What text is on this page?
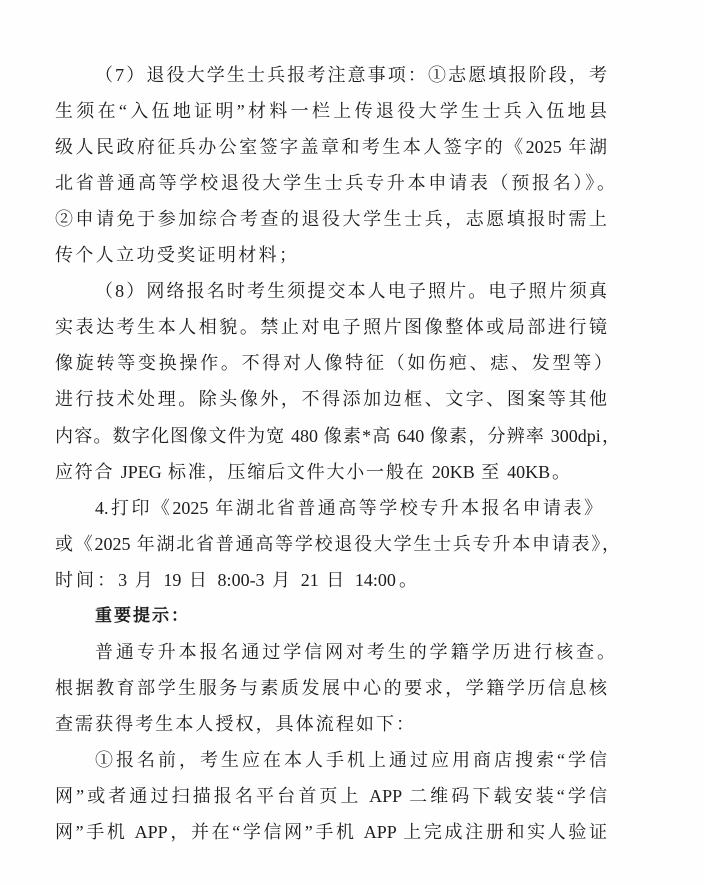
（7）退役大学生士兵报考注意事项：①志愿填报阶段，考
生须在“入伍地证明”材料一栏上传退役大学生士兵入伍地县
级人民政府征兵办公室签字盖章和考生本人签字的《2025 年湖
北省普通高等学校退役大学生士兵专升本申请表（预报名）》。
②申请免于参加综合考查的退役大学生士兵，志愿填报时需上
传个人立功受奖证明材料；
（8）网络报名时考生须提交本人电子照片。电子照片须真
实表达考生本人相貌。禁止对电子照片图像整体或局部进行镜
像旋转等变换操作。不得对人像特征（如伤疤、痣、发型等）
进行技术处理。除头像外，不得添加边框、文字、图案等其他
内容。数字化图像文件为宽 480 像素*高 640 像素，分辨率 300dpi，
应符合 JPEG 标准，压缩后文件大小一般在 20KB 至 40KB。
4.打印《2025 年湖北省普通高等学校专升本报名申请表》
或《2025 年湖北省普通高等学校退役大学生士兵专升本申请表》，
时间：3 月 19 日 8:00-3 月 21 日 14:00。
重要提示：
普通专升本报名通过学信网对考生的学籍学历进行核查。
根据教育部学生服务与素质发展中心的要求，学籍学历信息核
查需获得考生本人授权，具体流程如下：
①报名前，考生应在本人手机上通过应用商店搜索“学信
网”或者通过扫描报名平台首页上 APP 二维码下载安装“学信
网”手机 APP，并在“学信网”手机 APP 上完成注册和实人验证
